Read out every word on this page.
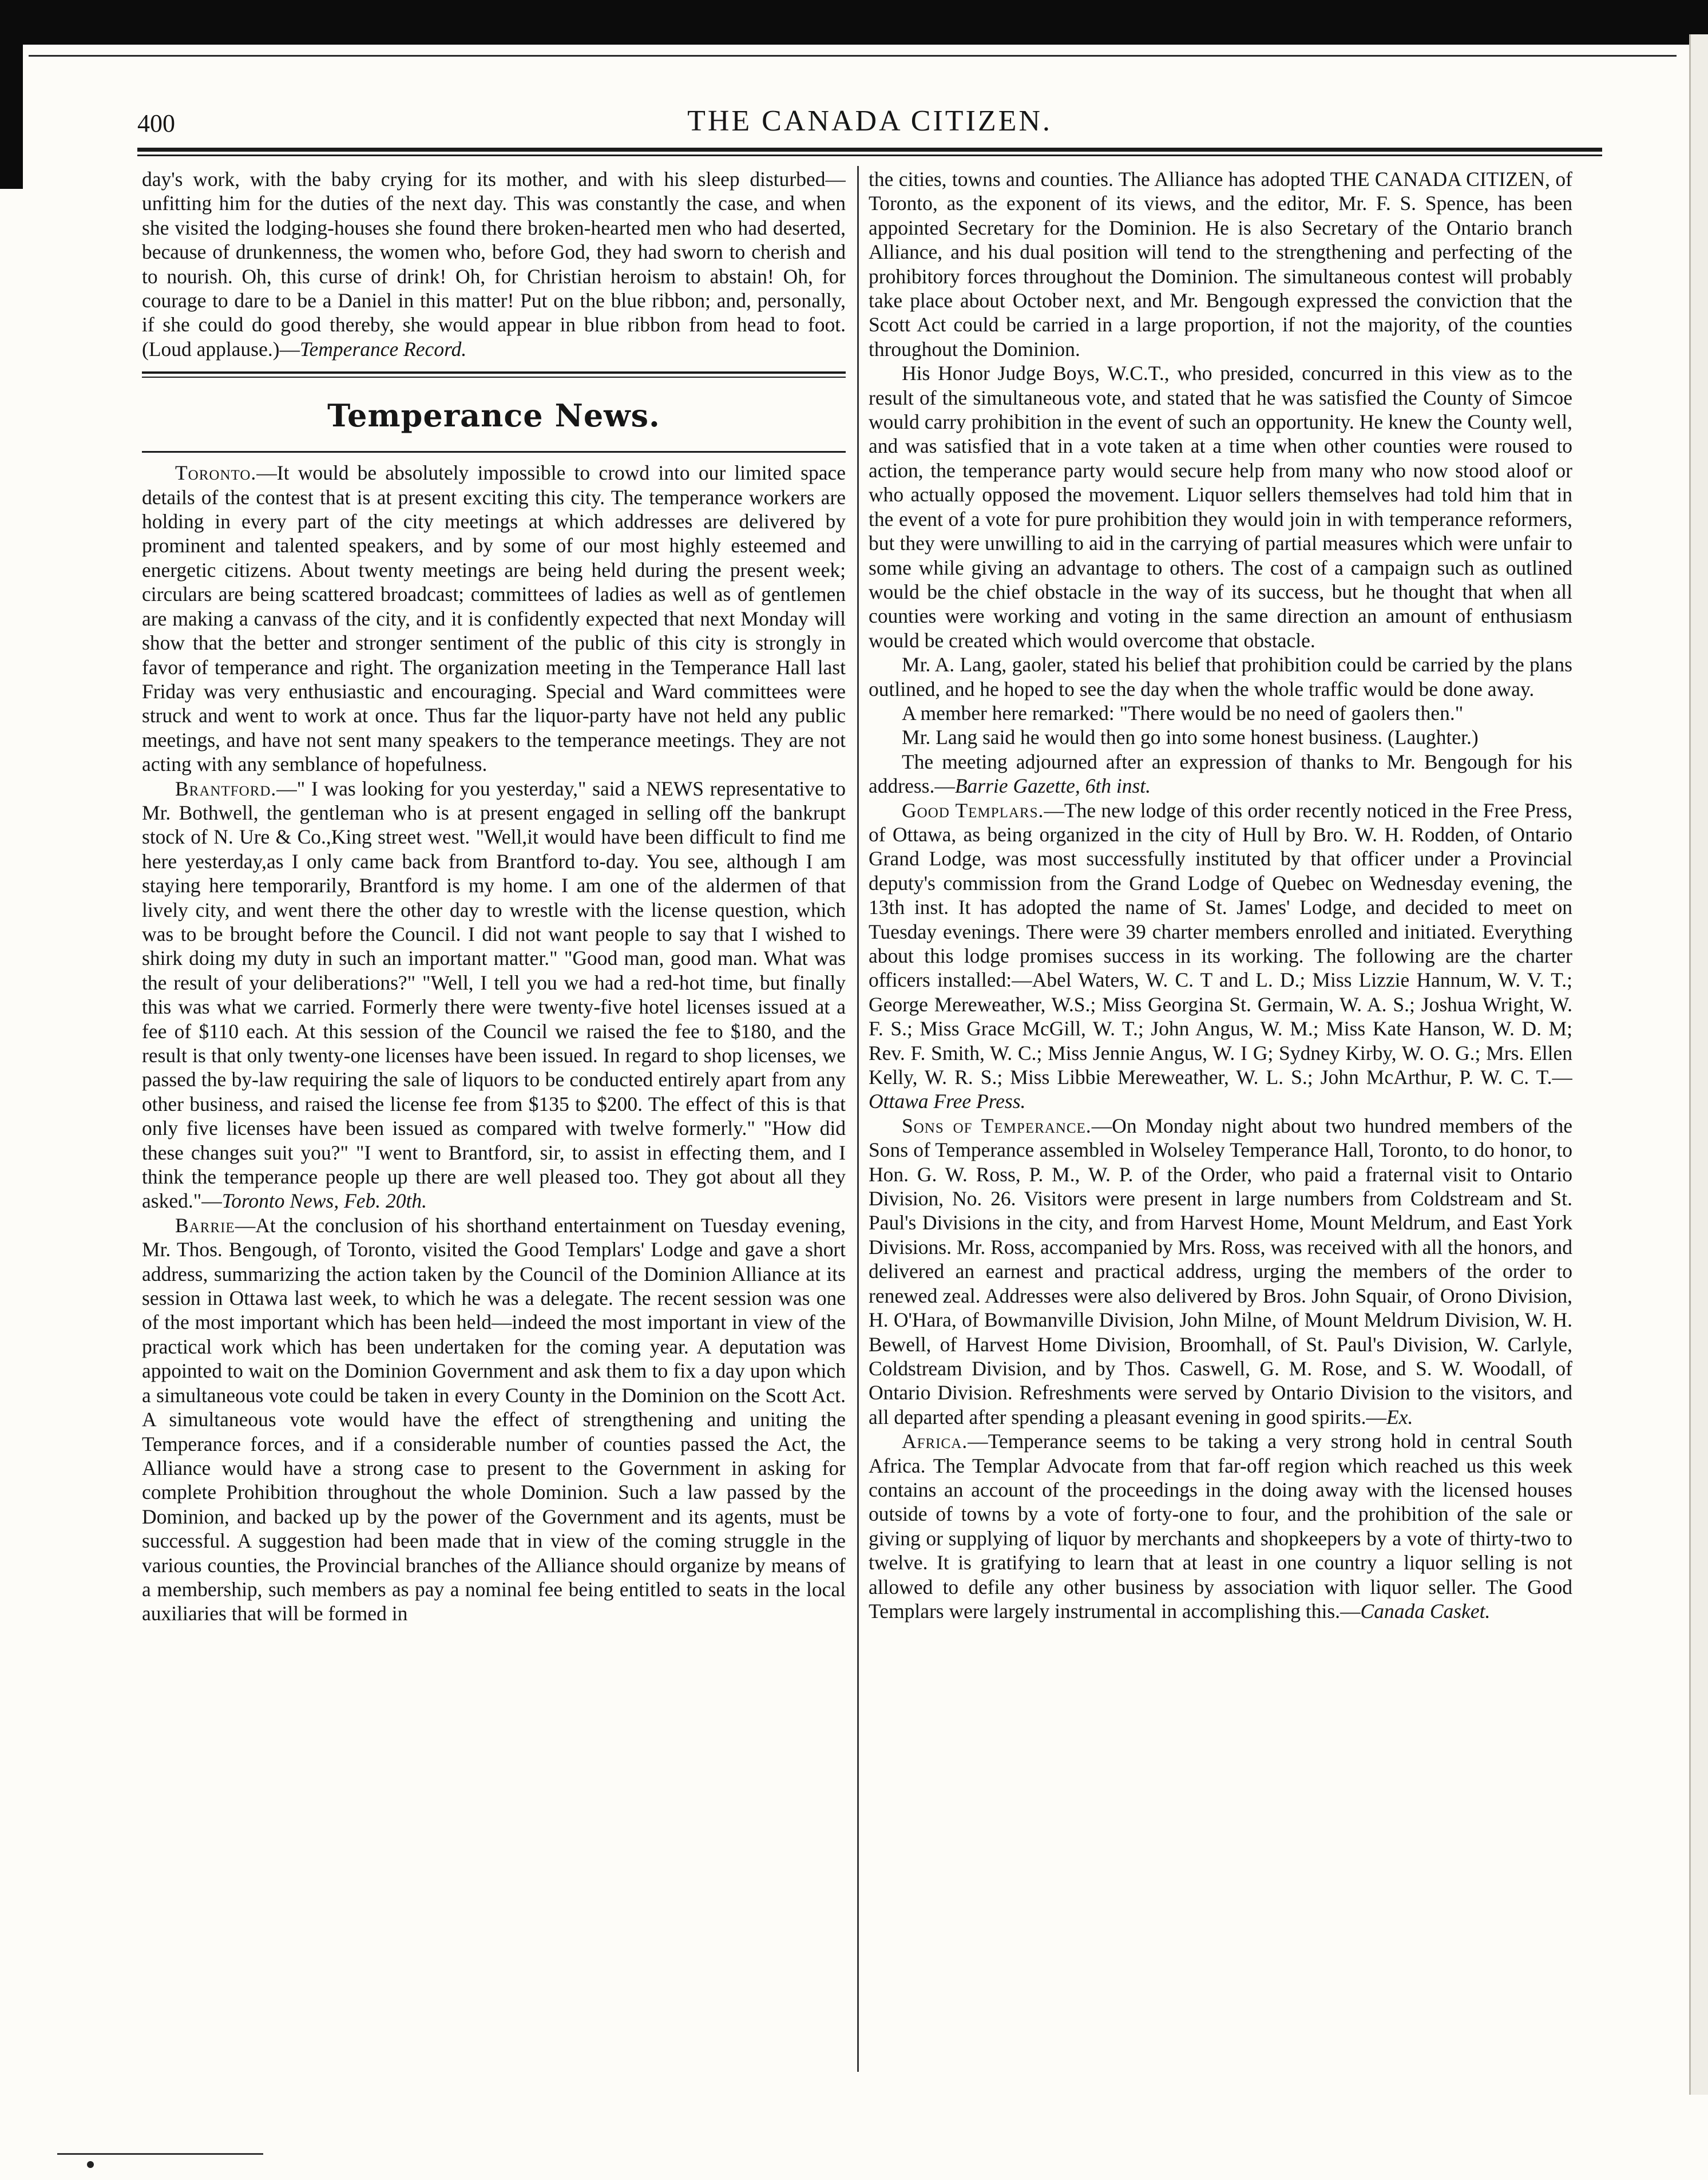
400	THE CANADA CITIZEN.

day's work, with the baby crying for its mother, and with his sleep disturbed—unfitting him for the duties of the next day. This was constantly the case, and when she visited the lodging-houses she found there broken-hearted men who had deserted, because of drunkenness, the women who, before God, they had sworn to cherish and to nourish. Oh, this curse of drink! Oh, for Christian heroism to abstain! Oh, for courage to dare to be a Daniel in this matter! Put on the blue ribbon; and, personally, if she could do good thereby, she would appear in blue ribbon from head to foot. (Loud applause.)—Temperance Record.

Temperance News.

Toronto.—It would be absolutely impossible to crowd into our limited space details of the contest that is at present exciting this city. The temperance workers are holding in every part of the city meetings at which addresses are delivered by prominent and talented speakers, and by some of our most highly esteemed and energetic citizens. About twenty meetings are being held during the present week; circulars are being scattered broadcast; committees of ladies as well as of gentlemen are making a canvass of the city, and it is confidently expected that next Monday will show that the better and stronger sentiment of the public of this city is strongly in favor of temperance and right. The organization meeting in the Temperance Hall last Friday was very enthusiastic and encouraging. Special and Ward committees were struck and went to work at once. Thus far the liquor-party have not held any public meetings, and have not sent many speakers to the temperance meetings. They are not acting with any semblance of hopefulness.

Brantford.—" I was looking for you yesterday," said a NEWS representative to Mr. Bothwell, the gentleman who is at present engaged in selling off the bankrupt stock of N. Ure & Co.,King street west. "Well,it would have been difficult to find me here yesterday,as I only came back from Brantford to-day. You see, although I am staying here temporarily, Brantford is my home. I am one of the aldermen of that lively city, and went there the other day to wrestle with the license question, which was to be brought before the Council. I did not want people to say that I wished to shirk doing my duty in such an important matter." "Good man, good man. What was the result of your deliberations?" "Well, I tell you we had a red-hot time, but finally this was what we carried. Formerly there were twenty-five hotel licenses issued at a fee of $110 each. At this session of the Council we raised the fee to $180, and the result is that only twenty-one licenses have been issued. In regard to shop licenses, we passed the by-law requiring the sale of liquors to be conducted entirely apart from any other business, and raised the license fee from $135 to $200. The effect of this is that only five licenses have been issued as compared with twelve formerly." "How did these changes suit you?" "I went to Brantford, sir, to assist in effecting them, and I think the temperance people up there are well pleased too. They got about all they asked."—Toronto News, Feb. 20th.

Barrie—At the conclusion of his shorthand entertainment on Tuesday evening, Mr. Thos. Bengough, of Toronto, visited the Good Templars' Lodge and gave a short address, summarizing the action taken by the Council of the Dominion Alliance at its session in Ottawa last week, to which he was a delegate. The recent session was one of the most important which has been held—indeed the most important in view of the practical work which has been undertaken for the coming year. A deputation was appointed to wait on the Dominion Government and ask them to fix a day upon which a simultaneous vote could be taken in every County in the Dominion on the Scott Act. A simultaneous vote would have the effect of strengthening and uniting the Temperance forces, and if a considerable number of counties passed the Act, the Alliance would have a strong case to present to the Government in asking for complete Prohibition throughout the whole Dominion. Such a law passed by the Dominion, and backed up by the power of the Government and its agents, must be successful. A suggestion had been made that in view of the coming struggle in the various counties, the Provincial branches of the Alliance should organize by means of a membership, such members as pay a nominal fee being entitled to seats in the local auxiliaries that will be formed in

the cities, towns and counties. The Alliance has adopted THE CANADA CITIZEN, of Toronto, as the exponent of its views, and the editor, Mr. F. S. Spence, has been appointed Secretary for the Dominion. He is also Secretary of the Ontario branch Alliance, and his dual position will tend to the strengthening and perfecting of the prohibitory forces throughout the Dominion. The simultaneous contest will probably take place about October next, and Mr. Bengough expressed the conviction that the Scott Act could be carried in a large proportion, if not the majority, of the counties throughout the Dominion.

His Honor Judge Boys, W.C.T., who presided, concurred in this view as to the result of the simultaneous vote, and stated that he was satisfied the County of Simcoe would carry prohibition in the event of such an opportunity. He knew the County well, and was satisfied that in a vote taken at a time when other counties were roused to action, the temperance party would secure help from many who now stood aloof or who actually opposed the movement. Liquor sellers themselves had told him that in the event of a vote for pure prohibition they would join in with temperance reformers, but they were unwilling to aid in the carrying of partial measures which were unfair to some while giving an advantage to others. The cost of a campaign such as outlined would be the chief obstacle in the way of its success, but he thought that when all counties were working and voting in the same direction an amount of enthusiasm would be created which would overcome that obstacle.

Mr. A. Lang, gaoler, stated his belief that prohibition could be carried by the plans outlined, and he hoped to see the day when the whole traffic would be done away.

A member here remarked: "There would be no need of gaolers then."

Mr. Lang said he would then go into some honest business. (Laughter.)

The meeting adjourned after an expression of thanks to Mr. Bengough for his address.—Barrie Gazette, 6th inst.

Good Templars.—The new lodge of this order recently noticed in the Free Press, of Ottawa, as being organized in the city of Hull by Bro. W. H. Rodden, of Ontario Grand Lodge, was most successfully instituted by that officer under a Provincial deputy's commission from the Grand Lodge of Quebec on Wednesday evening, the 13th inst. It has adopted the name of St. James' Lodge, and decided to meet on Tuesday evenings. There were 39 charter members enrolled and initiated. Everything about this lodge promises success in its working. The following are the charter officers installed:—Abel Waters, W. C. T and L. D.; Miss Lizzie Hannum, W. V. T.; George Mereweather, W.S.; Miss Georgina St. Germain, W. A. S.; Joshua Wright, W. F. S.; Miss Grace McGill, W. T.; John Angus, W. M.; Miss Kate Hanson, W. D. M; Rev. F. Smith, W. C.; Miss Jennie Angus, W. I G; Sydney Kirby, W. O. G.; Mrs. Ellen Kelly, W. R. S.; Miss Libbie Mereweather, W. L. S.; John McArthur, P. W. C. T.—Ottawa Free Press.

Sons of Temperance.—On Monday night about two hundred members of the Sons of Temperance assembled in Wolseley Temperance Hall, Toronto, to do honor, to Hon. G. W. Ross, P. M., W. P. of the Order, who paid a fraternal visit to Ontario Division, No. 26. Visitors were present in large numbers from Coldstream and St. Paul's Divisions in the city, and from Harvest Home, Mount Meldrum, and East York Divisions. Mr. Ross, accompanied by Mrs. Ross, was received with all the honors, and delivered an earnest and practical address, urging the members of the order to renewed zeal. Addresses were also delivered by Bros. John Squair, of Orono Division, H. O'Hara, of Bowmanville Division, John Milne, of Mount Meldrum Division, W. H. Bewell, of Harvest Home Division, Broomhall, of St. Paul's Division, W. Carlyle, Coldstream Division, and by Thos. Caswell, G. M. Rose, and S. W. Woodall, of Ontario Division. Refreshments were served by Ontario Division to the visitors, and all departed after spending a pleasant evening in good spirits.—Ex.

Africa.—Temperance seems to be taking a very strong hold in central South Africa. The Templar Advocate from that far-off region which reached us this week contains an account of the proceedings in the doing away with the licensed houses outside of towns by a vote of forty-one to four, and the prohibition of the sale or giving or supplying of liquor by merchants and shopkeepers by a vote of thirty-two to twelve. It is gratifying to learn that at least in one country a liquor selling is not allowed to defile any other business by association with liquor seller. The Good Templars were largely instrumental in accomplishing this.—Canada Casket.
